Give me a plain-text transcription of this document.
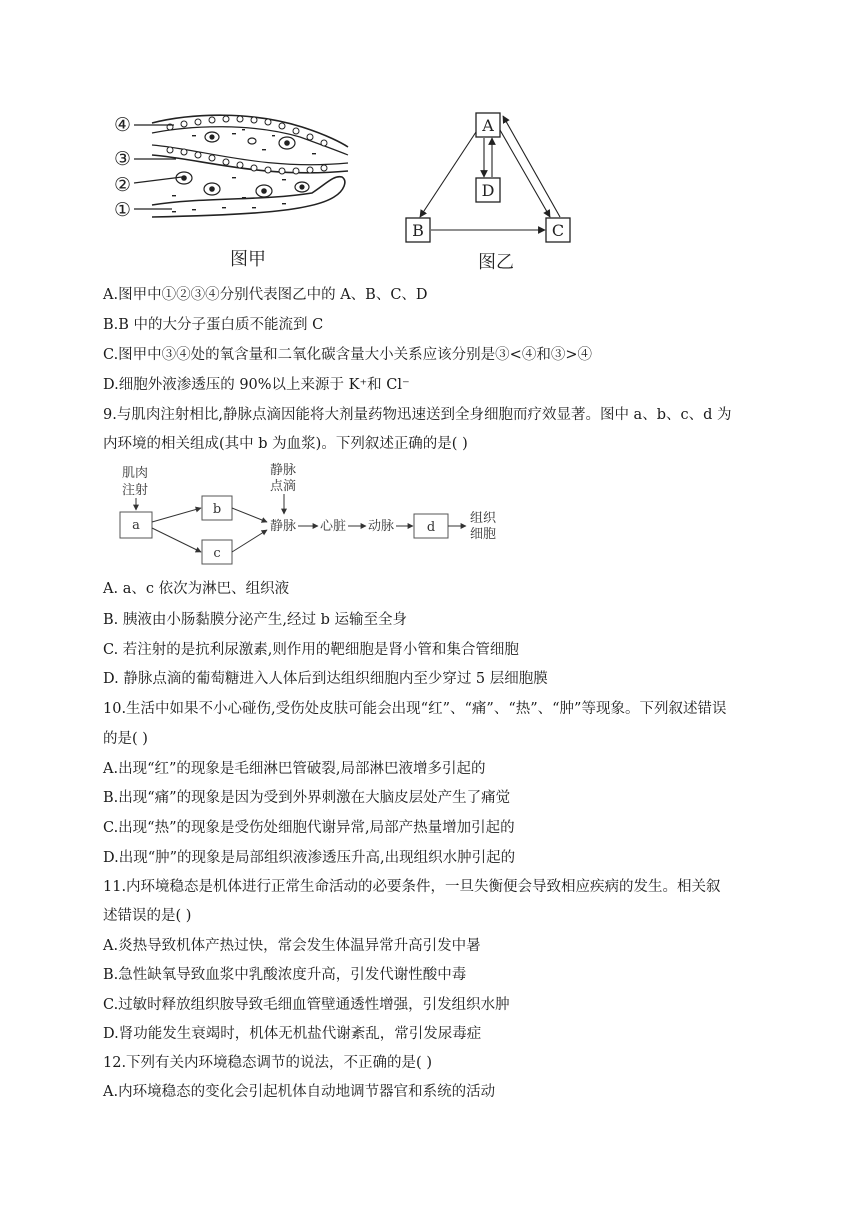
④
③
②
①
图甲
A
D
B	C
图乙
A.图甲中①②③④分别代表图乙中的 A、B、C、D
B.B 中的大分子蛋白质不能流到 C
C.图甲中③④处的氧含量和二氧化碳含量大小关系应该分别是③<④和③>④
D.细胞外液渗透压的 90%以上来源于 K⁺和 Cl⁻
9.与肌肉注射相比,静脉点滴因能将大剂量药物迅速送到全身细胞而疗效显著。图中 a、b、c、d 为
内环境的相关组成(其中 b 为血浆)。下列叙述正确的是( )
肌肉
注射
a
b
c
d
静脉
点滴
静脉 心脏 动脉
组织
细胞
A. a、c 依次为淋巴、组织液
B. 胰液由小肠黏膜分泌产生,经过 b 运输至全身
C. 若注射的是抗利尿激素,则作用的靶细胞是肾小管和集合管细胞
D. 静脉点滴的葡萄糖进入人体后到达组织细胞内至少穿过 5 层细胞膜
10.生活中如果不小心碰伤,受伤处皮肤可能会出现“红”、“痛”、“热”、“肿”等现象。下列叙述错误
的是( )
A.出现“红”的现象是毛细淋巴管破裂,局部淋巴液增多引起的
B.出现“痛”的现象是因为受到外界刺激在大脑皮层处产生了痛觉
C.出现“热”的现象是受伤处细胞代谢异常,局部产热量增加引起的
D.出现“肿”的现象是局部组织液渗透压升高,出现组织水肿引起的
11.内环境稳态是机体进行正常生命活动的必要条件，一旦失衡便会导致相应疾病的发生。相关叙
述错误的是( )
A.炎热导致机体产热过快，常会发生体温异常升高引发中暑
B.急性缺氧导致血浆中乳酸浓度升高，引发代谢性酸中毒
C.过敏时释放组织胺导致毛细血管壁通透性增强，引发组织水肿
D.肾功能发生衰竭时，机体无机盐代谢紊乱，常引发尿毒症
12.下列有关内环境稳态调节的说法，不正确的是( )
A.内环境稳态的变化会引起机体自动地调节器官和系统的活动
